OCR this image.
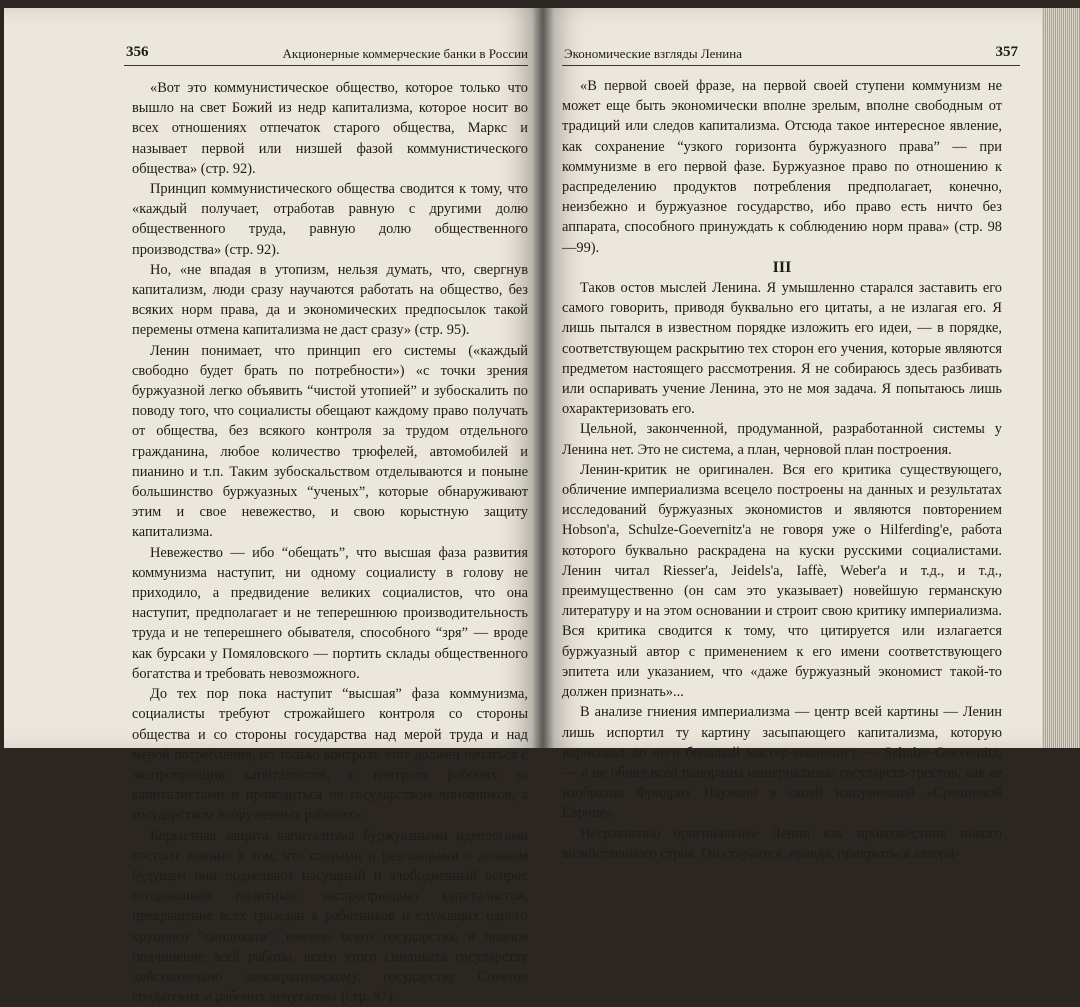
356	Акционерные коммерческие банки в России

«Вот это коммунистическое общество, которое только что вышло на свет Божий из недр капитализма, которое носит во всех отношениях отпечаток старого общества, Маркс и называет первой или низшей фазой коммунистического общества» (стр. 92).

Принцип коммунистического общества сводится к тому, что «каждый получает, отработав равную с другими долю общественного труда, равную долю общественного производства» (стр. 92).

Но, «не впадая в утопизм, нельзя думать, что, свергнув капитализм, люди сразу научаются работать на общество, без всяких норм права, да и экономических предпосылок такой перемены отмена капитализма не даст сразу» (стр. 95).

Ленин понимает, что принцип его системы («каждый свободно будет брать по потребности») «с точки зрения буржуазной легко объявить “чистой утопией” и зубоскалить по поводу того, что социалисты обещают каждому право получать от общества, без всякого контроля за трудом отдельного гражданина, любое количество трюфелей, автомобилей и пианино и т.п. Таким зубоскальством отделываются и поныне большинство буржуазных “ученых”, которые обнаруживают этим и свое невежество, и свою корыстную защиту капитализма.

Невежество — ибо “обещать”, что высшая фаза развития коммунизма наступит, ни одному социалисту в голову не приходило, а предвидение великих социалистов, что она наступит, предполагает и не теперешнюю производительность труда и не теперешнего обывателя, способного “зря” — вроде как бурсаки у Помяловского — портить склады общественного богатства и требовать невозможного.

До тех пор пока наступит “высшая” фаза коммунизма, социалисты требуют строжайшего контроля со стороны общества и со стороны государства над мерой труда и над мерой потребления, но только контроль этот должен начаться с экспроприации капиталистов, с контроля рабочих за капиталистами и проводиться не государством чиновников, а государством вооруженных рабочих».

Корыстная защита капитализма буржуазными идеологами состоит именно в том, что спорами и разговорами о далеком будущем они подменяют насущный и злободневный вопрос сегодняшней политики: экспроприацию капиталистов, превращение всех граждан в работников и служащих одного крупного “синдиката”, именно всего государства, и полное подчинение всей работы, всего этого синдиката государству действительно демократическому, государству Советов солдатских и рабочих депутатов» (стр. 97).

Экономические взгляды Ленина	357

«В первой своей фразе, на первой своей ступени коммунизм не может еще быть экономически вполне зрелым, вполне свободным от традиций или следов капитализма. Отсюда такое интересное явление, как сохранение “узкого горизонта буржуазного права” — при коммунизме в его первой фазе. Буржуазное право по отношению к распределению продуктов потребления предполагает, конечно, неизбежно и буржуазное государство, ибо право есть ничто без аппарата, способного принуждать к соблюдению норм права» (стр. 98—99).

III

Таков остов мыслей Ленина. Я умышленно старался заставить его самого говорить, приводя буквально его цитаты, а не излагая его. Я лишь пытался в известном порядке изложить его идеи, — в порядке, соответствующем раскрытию тех сторон его учения, которые являются предметом настоящего рассмотрения. Я не собираюсь здесь разбивать или оспаривать учение Ленина, это не моя задача. Я попытаюсь лишь охарактеризовать его.

Цельной, законченной, продуманной, разработанной системы у Ленина нет. Это не система, а план, черновой план построения.

Ленин-критик не оригинален. Вся его критика существующего, обличение империализма всецело построены на данных и результатах исследований буржуазных экономистов и являются повторением Hobson'а, Schulze-Goevernitz'а не говоря уже о Hilferding'е, работа которого буквально раскрадена на куски русскими социалистами. Ленин читал Riesser'а, Jeidels'а, Iaffè, Weber'а и т.д., и т.д., преимущественно (он сам это указывает) новейшую германскую литературу и на этом основании и строит свою критику империализма. Вся критика сводится к тому, что цитируется или излагается буржуазный автор с применением к его имени соответствующего эпитета или указанием, что «даже буржуазный экономист такой-то должен признать»...

В анализе гниения империализма — центр всей картины — Ленин лишь испортил ту картину засыпающего капитализма, которую нарисовал до него большой мастер-экономист — Schulze-Goevernitz, — и не обнял всей панорамы империализма государств-трестов, как ее изобразил Фридрих Науманн в своей нашумевшей «Срединной Европе».

Несравненно оригинальнее Ленин как провозвестник нового хозяйственного строя. Он старается, правда, прикрыться автори-
